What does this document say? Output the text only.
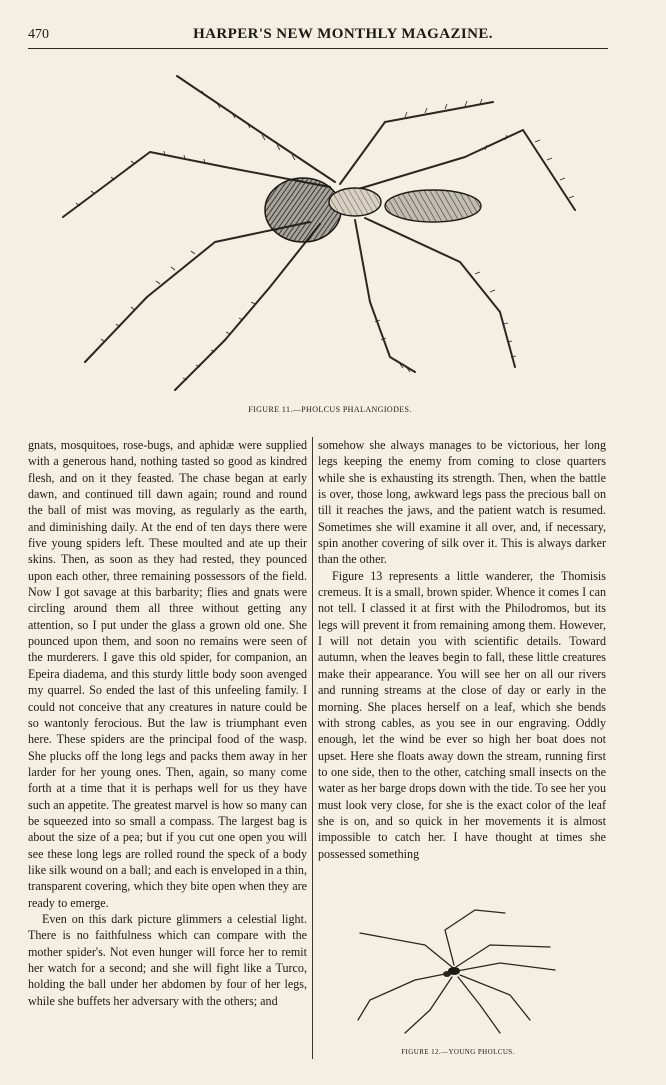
470	HARPER'S NEW MONTHLY MAGAZINE.
FIGURE 11.—PHOLCUS PHALANGIODES.

gnats, mosquitoes, rose-bugs, and aphidæ were supplied with a generous hand, nothing tasted so good as kindred flesh, and on it they feasted. The chase began at early dawn, and continued till dawn again; round and round the ball of mist was moving, as regularly as the earth, and diminishing daily. At the end of ten days there were five young spiders left. These moulted and ate up their skins. Then, as soon as they had rested, they pounced upon each other, three remaining possessors of the field. Now I got savage at this barbarity; flies and gnats were circling around them all three without getting any attention, so I put under the glass a grown old one. She pounced upon them, and soon no remains were seen of the murderers. I gave this old spider, for companion, an Epeira diadema, and this sturdy little body soon avenged my quarrel. So ended the last of this unfeeling family. I could not conceive that any creatures in nature could be so wantonly ferocious. But the law is triumphant even here. These spiders are the principal food of the wasp. She plucks off the long legs and packs them away in her larder for her young ones. Then, again, so many come forth at a time that it is perhaps well for us they have such an appetite. The greatest marvel is how so many can be squeezed into so small a compass. The largest bag is about the size of a pea; but if you cut one open you will see these long legs are rolled round the speck of a body like silk wound on a ball; and each is enveloped in a thin, transparent covering, which they bite open when they are ready to emerge.

Even on this dark picture glimmers a celestial light. There is no faithfulness which can compare with the mother spider's. Not even hunger will force her to remit her watch for a second; and she will fight like a Turco, holding the ball under her abdomen by four of her legs, while she buffets her adversary with the others; and

somehow she always manages to be victorious, her long legs keeping the enemy from coming to close quarters while she is exhausting its strength. Then, when the battle is over, those long, awkward legs pass the precious ball on till it reaches the jaws, and the patient watch is resumed. Sometimes she will examine it all over, and, if necessary, spin another covering of silk over it. This is always darker than the other.

Figure 13 represents a little wanderer, the Thomisis cremeus. It is a small, brown spider. Whence it comes I can not tell. I classed it at first with the Philodromos, but its legs will prevent it from remaining among them. However, I will not detain you with scientific details. Toward autumn, when the leaves begin to fall, these little creatures make their appearance. You will see her on all our rivers and running streams at the close of day or early in the morning. She places herself on a leaf, which she bends with strong cables, as you see in our engraving. Oddly enough, let the wind be ever so high her boat does not upset. Here she floats away down the stream, running first to one side, then to the other, catching small insects on the water as her barge drops down with the tide. To see her you must look very close, for she is the exact color of the leaf she is on, and so quick in her movements it is almost impossible to catch her. I have thought at times she possessed something

FIGURE 12.—YOUNG PHOLCUS.
